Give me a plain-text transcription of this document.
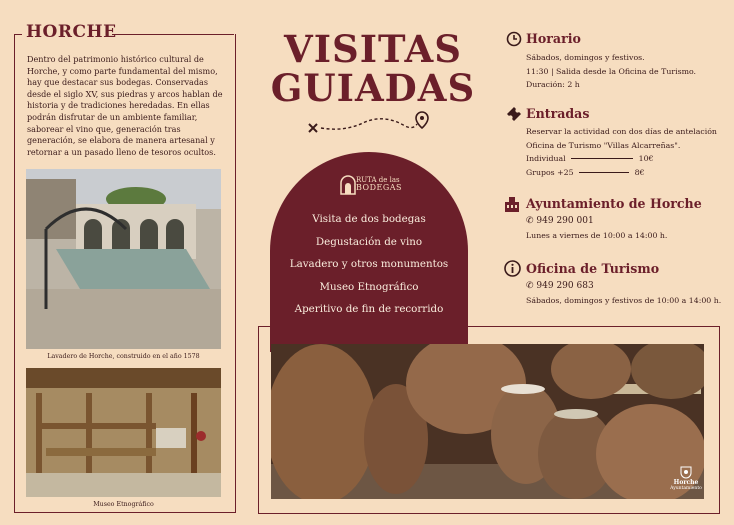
HORCHE
Dentro del patrimonio histórico cultural de Horche, y como parte fundamental del mismo, hay que destacar sus bodegas. Conservadas desde el siglo XV, sus piedras y arcos hablan de historia y de tradiciones heredadas. En ellas podrán disfrutar de un ambiente familiar, saborear el vino que, generación tras generación, se elabora de manera artesanal y retornar a un pasado lleno de tesoros ocultos.
Lavadero de Horche, construido en el año 1578
Museo Etnográfico
VISITAS
GUIADAS
RUTA de las
BODEGAS
Visita de dos bodegas
Degustación de vino
Lavadero y otros monumentos
Museo Etnográfico
Aperitivo de fin de recorrido
Horche
Ayuntamiento
Horario
Sábados, domingos y festivos.
11:30 | Salida desde la Oficina de Turismo.
Duración: 2 h
Entradas
Reservar la actividad con dos días de antelación
Oficina de Turismo "Villas Alcarreñas".
Individual	10€
Grupos +25	8€
Ayuntamiento de Horche
✆ 949 290 001
Lunes a viernes de 10:00 a 14:00 h.
Oficina de Turismo
✆ 949 290 683
Sábados, domingos y festivos de 10:00 a 14:00 h.
